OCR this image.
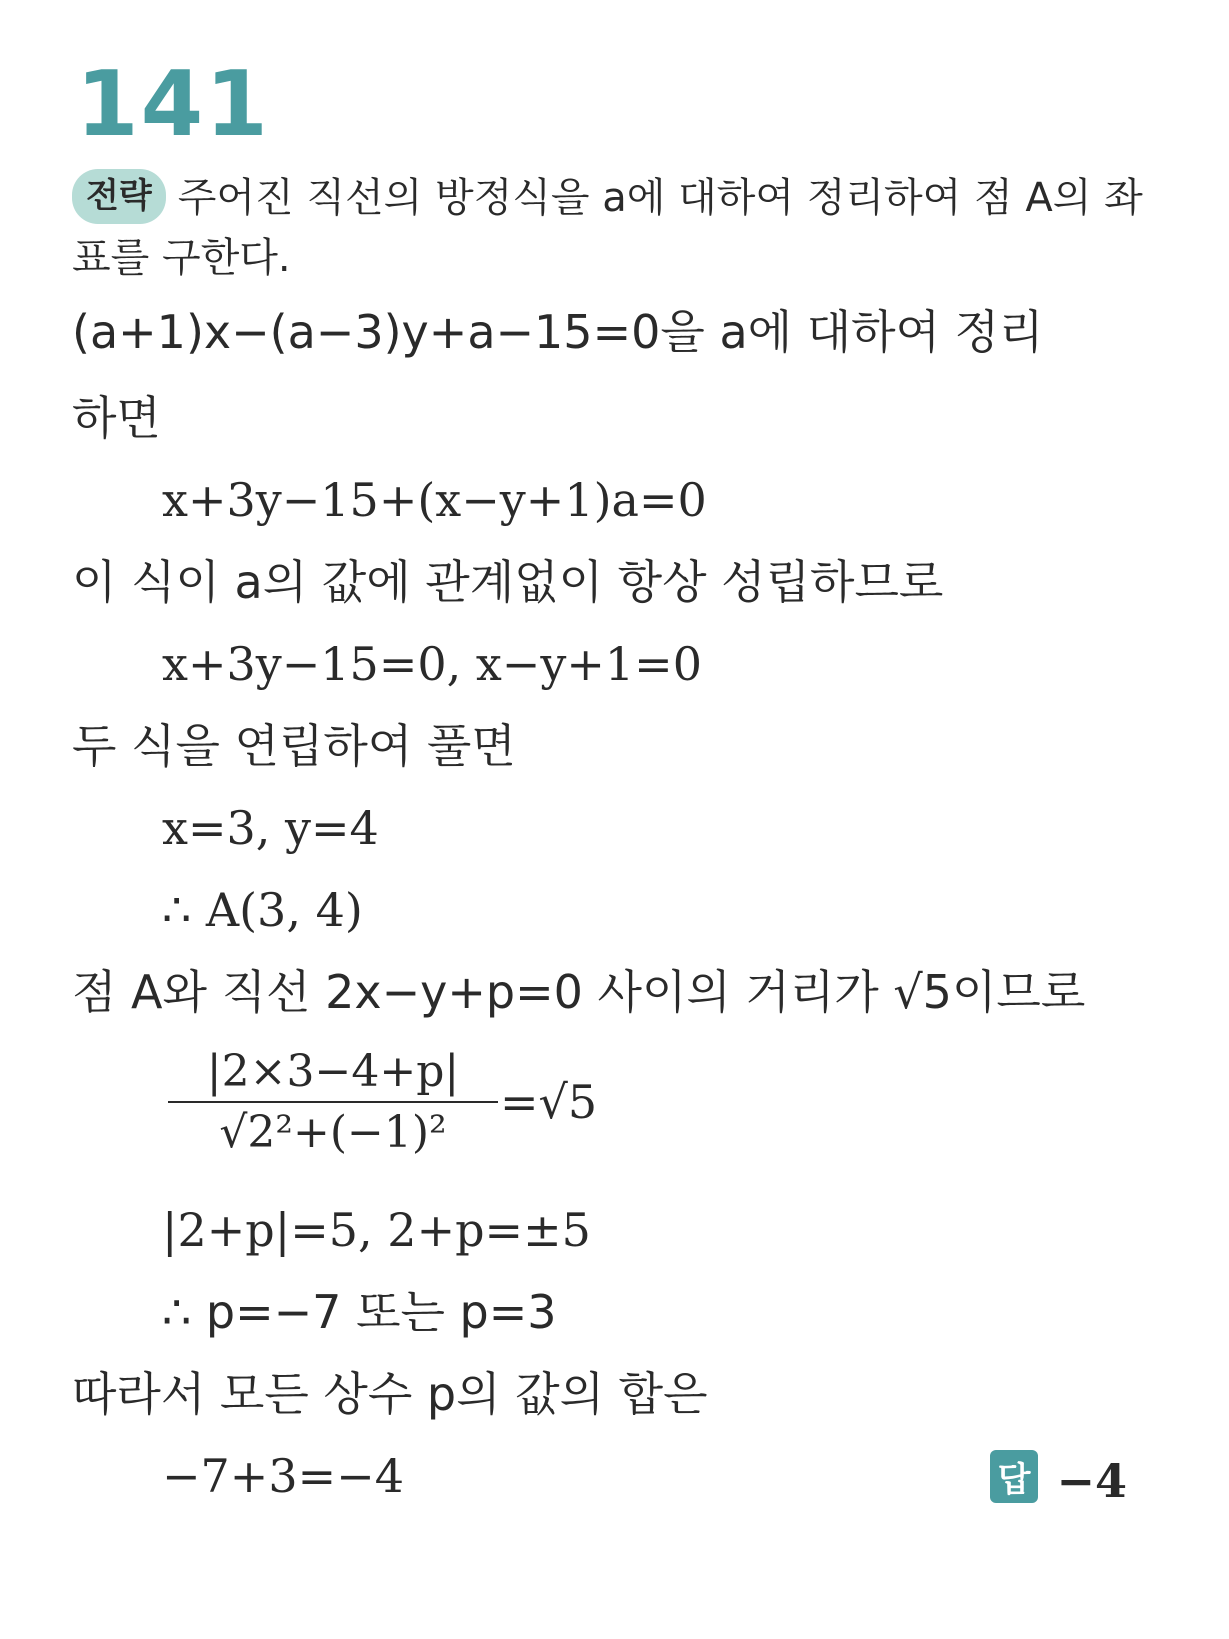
141
전략 주어진 직선의 방정식을 a에 대하여 정리하여 점 A의 좌표를 구한다.
(a+1)x−(a−3)y+a−15=0을 a에 대하여 정리
하면
x+3y−15+(x−y+1)a=0
이 식이 a의 값에 관계없이 항상 성립하므로
x+3y−15=0, x−y+1=0
두 식을 연립하여 풀면
x=3, y=4
∴ A(3, 4)
점 A와 직선 2x−y+p=0 사이의 거리가 √5이므로
|2×3−4+p|
√2²+(−1)²
=√5
|2+p|=5, 2+p=±5
∴ p=−7 또는 p=3
따라서 모든 상수 p의 값의 합은
−7+3=−4	답 −4
